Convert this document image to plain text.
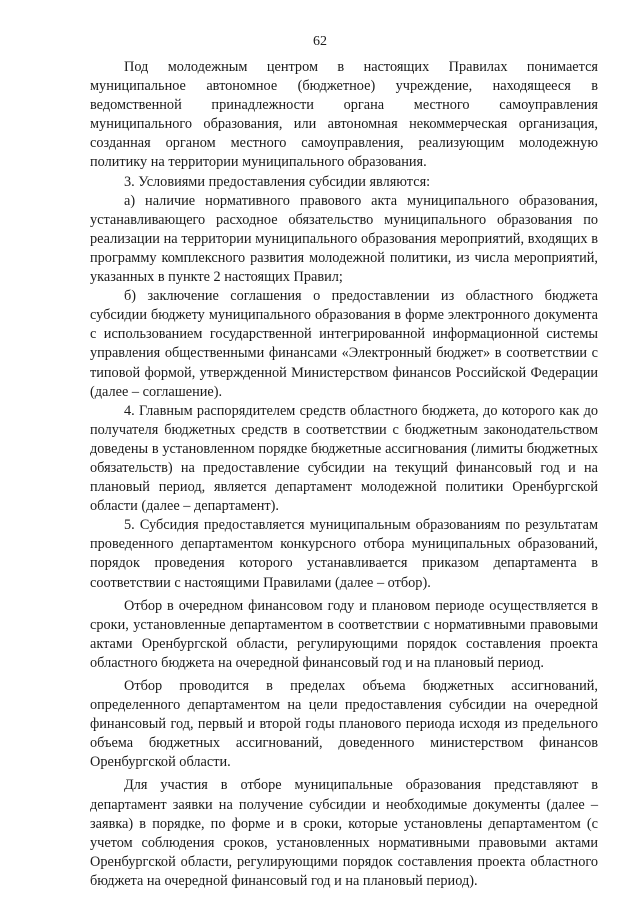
62

Под молодежным центром в настоящих Правилах понимается муниципальное автономное (бюджетное) учреждение, находящееся в ведомственной принадлежности органа местного самоуправления муниципального образования, или автономная некоммерческая организация, созданная органом местного самоуправления, реализующим молодежную политику на территории муниципального образования.

3. Условиями предоставления субсидии являются:

а) наличие нормативного правового акта муниципального образования, устанавливающего расходное обязательство муниципального образования по реализации на территории муниципального образования мероприятий, входящих в программу комплексного развития молодежной политики, из числа мероприятий, указанных в пункте 2 настоящих Правил;

б) заключение соглашения о предоставлении из областного бюджета субсидии бюджету муниципального образования в форме электронного документа с использованием государственной интегрированной информационной системы управления общественными финансами «Электронный бюджет» в соответствии с типовой формой, утвержденной Министерством финансов Российской Федерации (далее – соглашение).

4. Главным распорядителем средств областного бюджета, до которого как до получателя бюджетных средств в соответствии с бюджетным законодательством доведены в установленном порядке бюджетные ассигнования (лимиты бюджетных обязательств) на предоставление субсидии на текущий финансовый год и на плановый период, является департамент молодежной политики Оренбургской области (далее – департамент).

5. Субсидия предоставляется муниципальным образованиям по результатам проведенного департаментом конкурсного отбора муниципальных образований, порядок проведения которого устанавливается приказом департамента в соответствии с настоящими Правилами (далее – отбор).

Отбор в очередном финансовом году и плановом периоде осуществляется в сроки, установленные департаментом в соответствии с нормативными правовыми актами Оренбургской области, регулирующими порядок составления проекта областного бюджета на очередной финансовый год и на плановый период.

Отбор проводится в пределах объема бюджетных ассигнований, определенного департаментом на цели предоставления субсидии на очередной финансовый год, первый и второй годы планового периода исходя из предельного объема бюджетных ассигнований, доведенного министерством финансов Оренбургской области.

Для участия в отборе муниципальные образования представляют в департамент заявки на получение субсидии и необходимые документы (далее – заявка) в порядке, по форме и в сроки, которые установлены департаментом (с учетом соблюдения сроков, установленных нормативными правовыми актами Оренбургской области, регулирующими порядок составления проекта областного бюджета на очередной финансовый год и на плановый период).
